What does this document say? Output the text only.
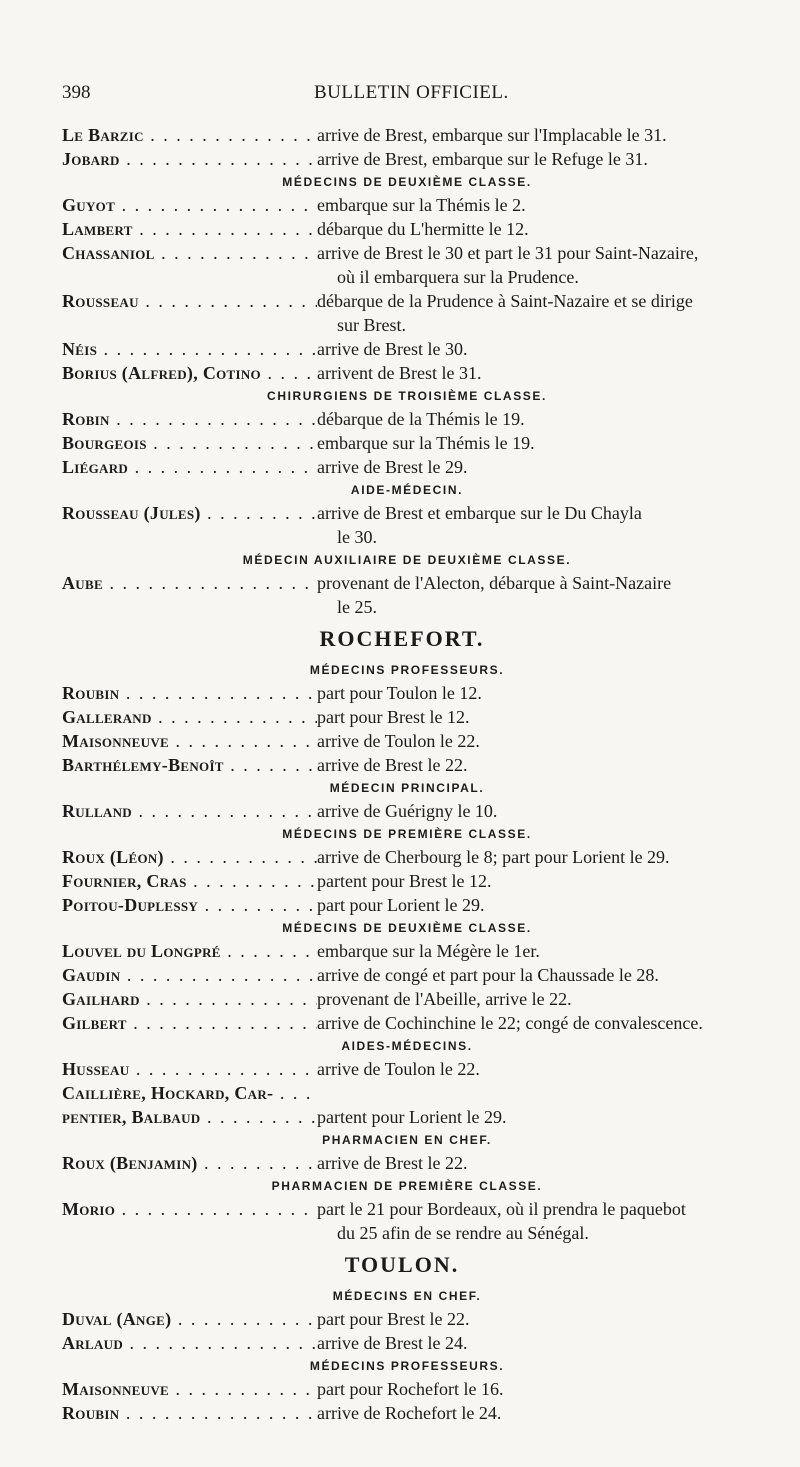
398	BULLETIN OFFICIEL.
Le Barzic . . .	arrive de Brest, embarque sur l'Implacable le 31.
Jobard . . .	arrive de Brest, embarque sur le Refuge le 31.
MÉDECINS DE DEUXIÈME CLASSE.
Guyot . . .	embarque sur la Thémis le 2.
Lambert . . .	débarque du L'hermitte le 12.
Chassaniol . . .	arrive de Brest le 30 et part le 31 pour Saint-Nazaire,
où il embarquera sur la Prudence.
Rousseau . . .	débarque de la Prudence à Saint-Nazaire et se dirige
sur Brest.
Néis . . .	arrive de Brest le 30.
Borius (Alfred), Cotino . . .	arrivent de Brest le 31.
CHIRURGIENS DE TROISIÈME CLASSE.
Robin . . .	débarque de la Thémis le 19.
Bourgeois . . .	embarque sur la Thémis le 19.
Liégard . . .	arrive de Brest le 29.
AIDE-MÉDECIN.
Rousseau (Jules) . . .	arrive de Brest et embarque sur le Du Chayla
le 30.
MÉDECIN AUXILIAIRE DE DEUXIÈME CLASSE.
Aube . . .	provenant de l'Alecton, débarque à Saint-Nazaire
le 25.
ROCHEFORT.
MÉDECINS PROFESSEURS.
Roubin . . .	part pour Toulon le 12.
Gallerand . . .	part pour Brest le 12.
Maisonneuve . . .	arrive de Toulon le 22.
Barthélemy-Benoît . . .	arrive de Brest le 22.
MÉDECIN PRINCIPAL.
Rulland . . .	arrive de Guérigny le 10.
MÉDECINS DE PREMIÈRE CLASSE.
Roux (Léon) . . .	arrive de Cherbourg le 8; part pour Lorient le 29.
Fournier, Cras . . .	partent pour Brest le 12.
Poitou-Duplessy . . .	part pour Lorient le 29.
MÉDECINS DE DEUXIÈME CLASSE.
Louvel du Longpré . . .	embarque sur la Mégère le 1er.
Gaudin . . .	arrive de congé et part pour la Chaussade le 28.
Gailhard . . .	provenant de l'Abeille, arrive le 22.
Gilbert . . .	arrive de Cochinchine le 22; congé de convalescence.
AIDES-MÉDECINS.
Husseau . . .	arrive de Toulon le 22.
Caillière, Hockard, Car- . . .
pentier, Balbaud . . .	partent pour Lorient le 29.
PHARMACIEN EN CHEF.
Roux (Benjamin) . . .	arrive de Brest le 22.
PHARMACIEN DE PREMIÈRE CLASSE.
Morio . . .	part le 21 pour Bordeaux, où il prendra le paquebot
du 25 afin de se rendre au Sénégal.
TOULON.
MÉDECINS EN CHEF.
Duval (Ange) . . .	part pour Brest le 22.
Arlaud . . .	arrive de Brest le 24.
MÉDECINS PROFESSEURS.
Maisonneuve . . .	part pour Rochefort le 16.
Roubin . . .	arrive de Rochefort le 24.
